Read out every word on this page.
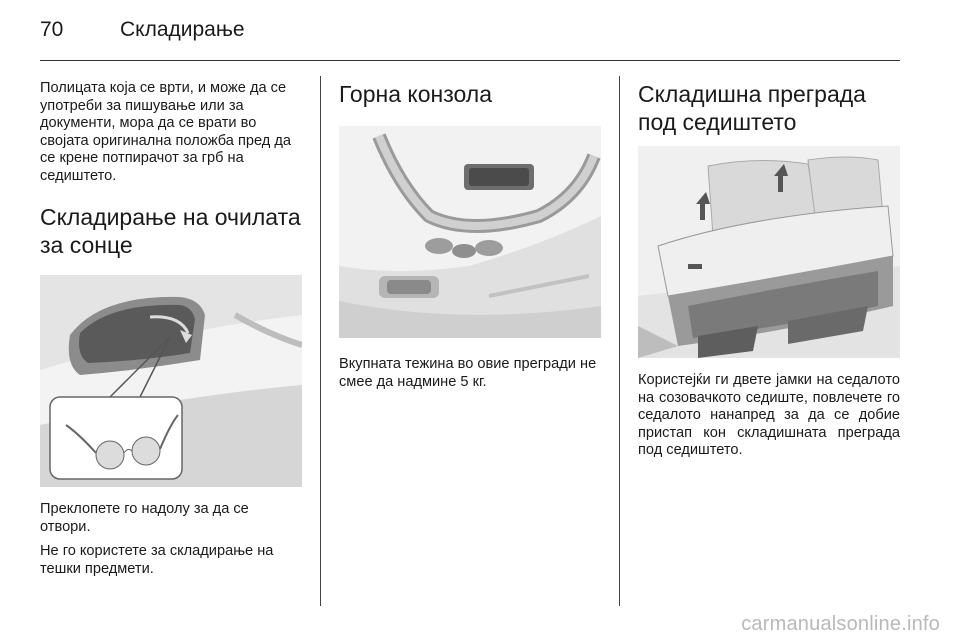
70	Складирање

Полицата која се врти, и може да се употреби за пишување или за документи, мора да се врати во својата оригинална положба пред да се крене потпирачот за грб на седиштето.

Складирање на очилата за сонце

Преклопете го надолу за да се отвори.

Не го користете за складирање на тешки предмети.

Горна конзола

Вкупната тежина во овие прегради не смее да надмине 5 кг.

Складишна преграда под седиштето

Користејќи ги двете јамки на седалото на созовачкото седиште, повлечете го седалото нанапред за да се добие пристап кон складишната преграда под седиштето.

carmanualsonline.info
